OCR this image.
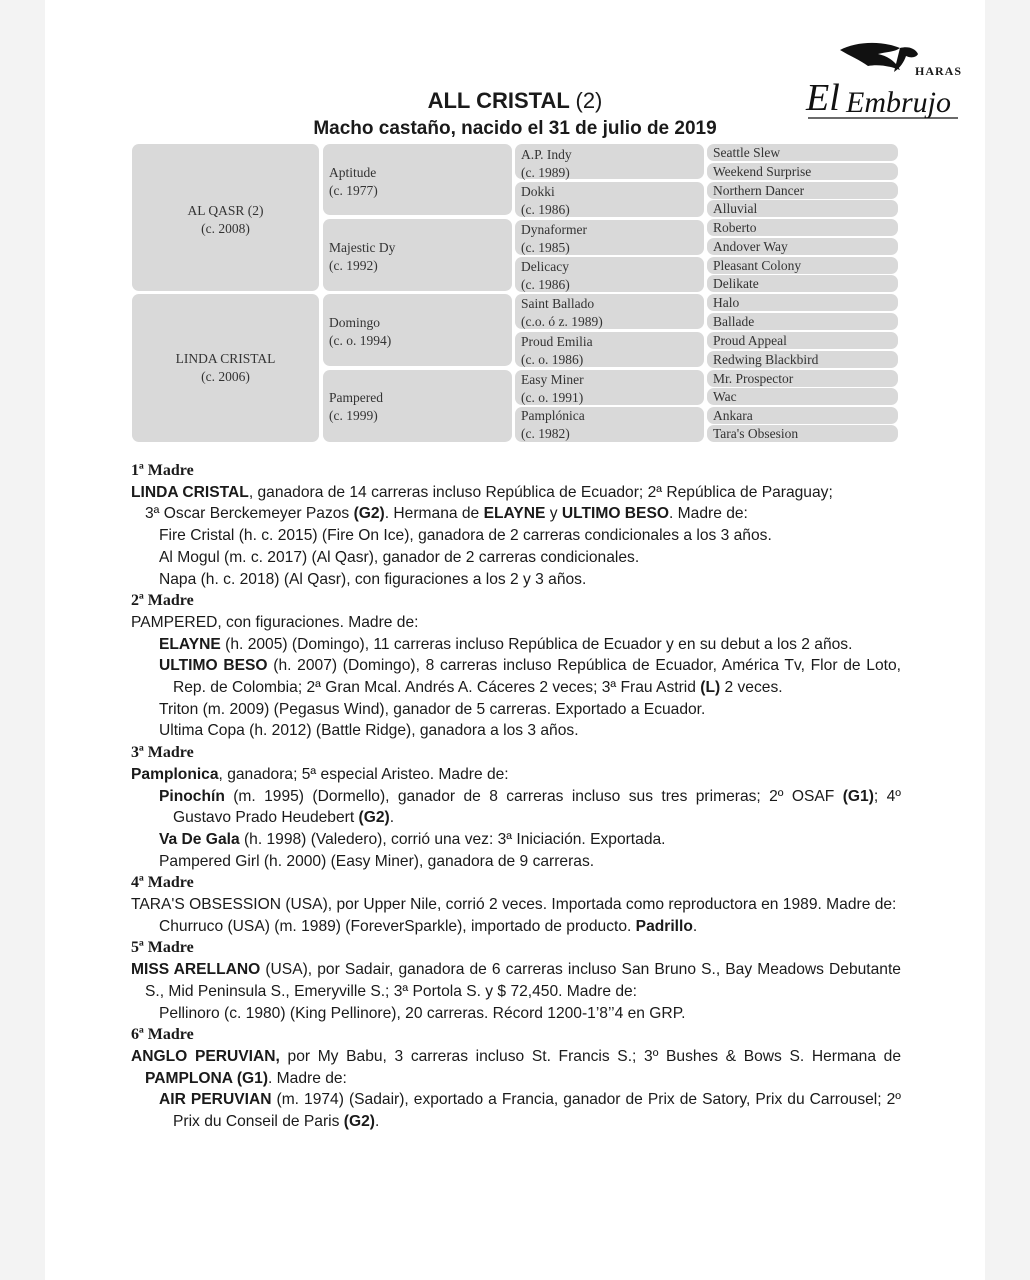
El Embrujo
HARAS
ALL CRISTAL (2)
Macho castaño, nacido el 31 de julio de 2019
AL QASR (2)
(c. 2008)
LINDA CRISTAL
(c. 2006)
Aptitude
(c. 1977)
Majestic Dy
(c. 1992)
Domingo
(c. o. 1994)
Pampered
(c. 1999)
A.P. Indy
(c. 1989)
Dokki
(c. 1986)
Dynaformer
(c. 1985)
Delicacy
(c. 1986)
Saint Ballado
(c.o. ó z. 1989)
Proud Emilia
(c. o. 1986)
Easy Miner
(c. o. 1991)
Pamplónica
(c. 1982)
Seattle Slew
Weekend Surprise
Northern Dancer
Alluvial
Roberto
Andover Way
Pleasant Colony
Delikate
Halo
Ballade
Proud Appeal
Redwing Blackbird
Mr. Prospector
Wac
Ankara
Tara's Obsesion

1ª Madre

LINDA CRISTAL, ganadora de 14 carreras incluso República de Ecuador; 2ª República de Paraguay;

3ª Oscar Berckemeyer Pazos (G2). Hermana de ELAYNE y ULTIMO BESO. Madre de:

Fire Cristal (h. c. 2015) (Fire On Ice), ganadora de 2 carreras condicionales a los 3 años.

Al Mogul (m. c. 2017) (Al Qasr), ganador de 2 carreras condicionales.

Napa (h. c. 2018) (Al Qasr), con figuraciones a los 2 y 3 años.

2ª Madre

PAMPERED, con figuraciones. Madre de:

ELAYNE (h. 2005) (Domingo), 11 carreras incluso República de Ecuador y en su debut a los 2 años.

ULTIMO BESO (h. 2007) (Domingo), 8 carreras incluso República de Ecuador, América Tv, Flor de Loto, Rep. de Colombia; 2ª Gran Mcal. Andrés A. Cáceres 2 veces; 3ª Frau Astrid (L) 2 veces.

Triton (m. 2009) (Pegasus Wind), ganador de 5 carreras. Exportado a Ecuador.

Ultima Copa (h. 2012) (Battle Ridge), ganadora a los 3 años.

3ª Madre

Pamplonica, ganadora; 5ª especial Aristeo. Madre de:

Pinochín (m. 1995) (Dormello), ganador de 8 carreras incluso sus tres primeras; 2º OSAF (G1); 4º Gustavo Prado Heudebert (G2).

Va De Gala (h. 1998) (Valedero), corrió una vez: 3ª Iniciación. Exportada.

Pampered Girl (h. 2000) (Easy Miner), ganadora de 9 carreras.

4ª Madre

TARA'S OBSESSION (USA), por Upper Nile, corrió 2 veces. Importada como reproductora en 1989. Madre de:

Churruco (USA) (m. 1989) (ForeverSparkle), importado de producto. Padrillo.

5ª Madre

MISS ARELLANO (USA), por Sadair, ganadora de 6 carreras incluso San Bruno S., Bay Meadows Debutante S., Mid Peninsula S., Emeryville S.; 3ª Portola S. y $ 72,450. Madre de:

Pellinoro (c. 1980) (King Pellinore), 20 carreras. Récord 1200-1’8’’4 en GRP.

6ª Madre

ANGLO PERUVIAN, por My Babu, 3 carreras incluso St. Francis S.; 3º Bushes & Bows S. Hermana de PAMPLONA (G1). Madre de:

AIR PERUVIAN (m. 1974) (Sadair), exportado a Francia, ganador de Prix de Satory, Prix du Carrousel; 2º Prix du Conseil de Paris (G2).
